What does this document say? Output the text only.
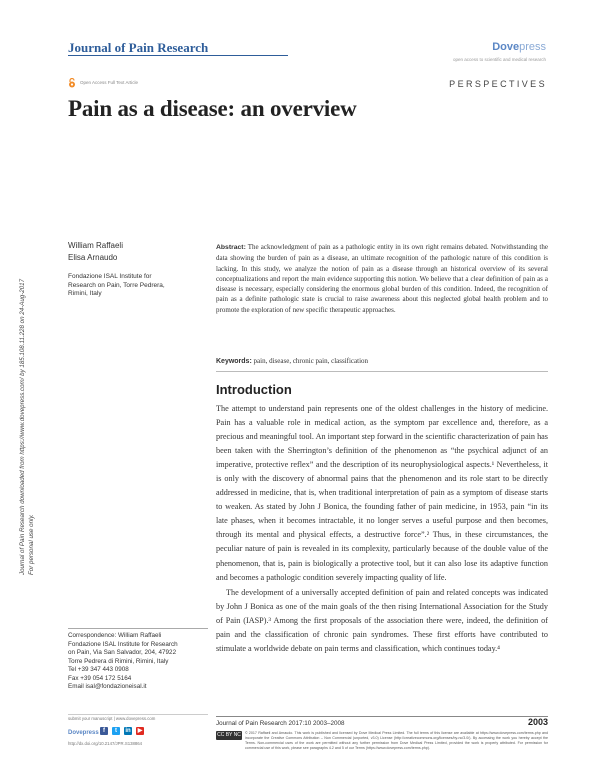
Journal of Pain Research	Dovepress
open access to scientific and medical research
Open Access Full Text Article	PERSPECTIVES
Pain as a disease: an overview
Journal of Pain Research downloaded from https://www.dovepress.com/ by 185.108.11.228 on 24-Aug-2017 For personal use only.
William Raffaeli
Elisa Arnaudo
Fondazione ISAL Institute for
Research on Pain, Torre Pedrera,
Rimini, Italy
Abstract: The acknowledgment of pain as a pathologic entity in its own right remains debated. Notwithstanding the data showing the burden of pain as a disease, an ultimate recognition of the pathologic nature of this condition is lacking. In this study, we analyze the notion of pain as a disease through an historical overview of its several conceptualizations and report the main evidence supporting this notion. We believe that a clear definition of pain as a disease is necessary, especially considering the enormous global burden of this condition. Indeed, the recognition of pain as a definite pathologic state is crucial to raise awareness about this neglected global health problem and to promote the exploration of new specific therapeutic approaches.
Keywords: pain, disease, chronic pain, classification
Introduction

The attempt to understand pain represents one of the oldest challenges in the history of medicine. Pain has a valuable role in medical action, as the symptom par excellence and, therefore, as a precious and meaningful tool. An important step forward in the scientific characterization of pain has been taken with the Sherrington’s definition of the phenomenon as “the psychical adjunct of an imperative, protective reflex” and the description of its neurophysiological aspects.¹ Nevertheless, it is only with the discovery of abnormal pains that the phenomenon and its role start to be directly addressed in medicine, that is, when traditional interpretation of pain as a symptom of disease starts to weaken. As stated by John J Bonica, the founding father of pain medicine, in 1953, pain “in its late phases, when it becomes intractable, it no longer serves a useful purpose and then becomes, through its mental and physical effects, a destructive force”.² Thus, in these circumstances, the peculiar nature of pain is revealed in its complexity, particularly because of the double value of the phenomenon, that is, pain is biologically a protective tool, but it can also lose its adaptive function and becomes a pathologic condition severely impacting quality of life.

The development of a universally accepted definition of pain and related concepts was indicated by John J Bonica as one of the main goals of the then rising International Association for the Study of Pain (IASP).³ Among the first proposals of the association there were, indeed, the definition of pain and the classification of chronic pain syndromes. These first efforts have contributed to stimulate a worldwide debate on pain terms and classification, which continues today.⁴

Correspondence: William Raffaeli
Fondazione ISAL Institute for Research
on Pain, Via San Salvador, 204, 47922
Torre Pedrera di Rimini, Rimini, Italy
Tel +39 347 443 0908
Fax +39 054 172 5164
Email isal@fondazioneisal.it
submit your manuscript | www.dovepress.com
Dovepress f	t	in ▶
http://dx.doi.org/10.2147/JPR.S138864
Journal of Pain Research 2017:10 2003–2008	2003
CC BY NC	© 2017 Raffaeli and Arnaudo. This work is published and licensed by Dove Medical Press Limited. The full terms of this license are available at https://www.dovepress.com/terms.php and incorporate the Creative Commons Attribution – Non Commercial (unported, v3.0) License (http://creativecommons.org/licenses/by-nc/3.0/). By accessing the work you hereby accept the Terms. Non-commercial uses of the work are permitted without any further permission from Dove Medical Press Limited, provided the work is properly attributed. For permission for commercial use of this work, please see paragraphs 4.2 and 5 of our Terms (https://www.dovepress.com/terms.php).
